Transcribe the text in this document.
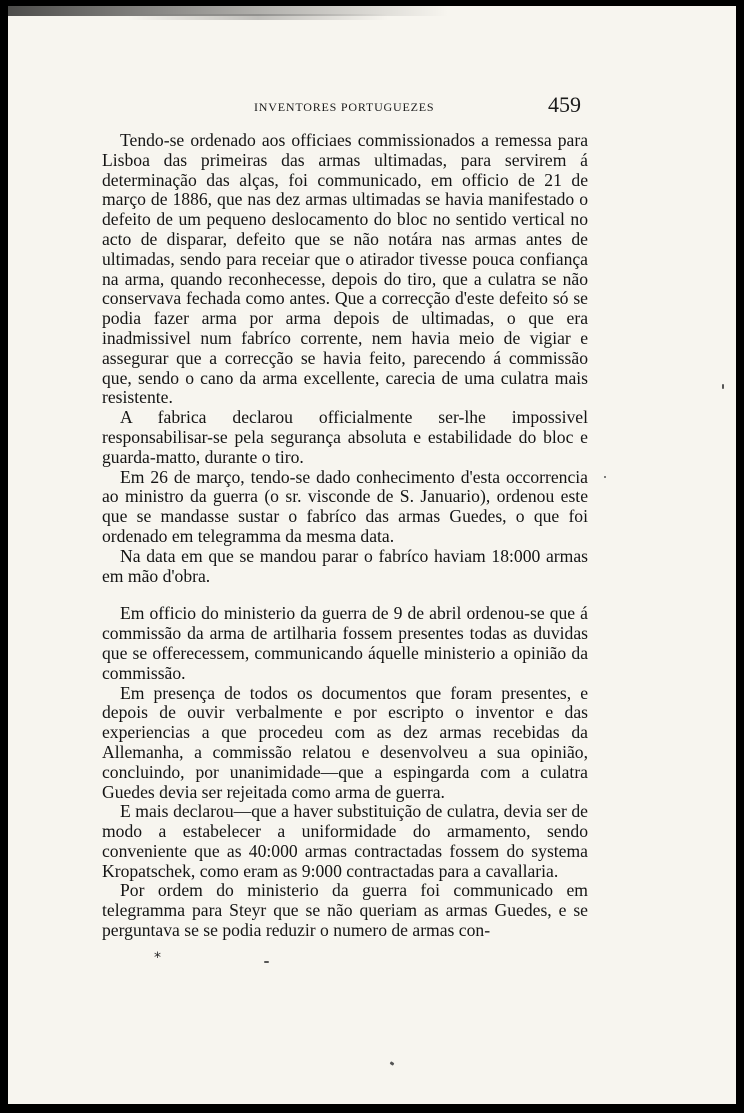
INVENTORES PORTUGUEZES	459

Tendo-se ordenado aos officiaes commissionados a remessa para Lisboa das primeiras das armas ultimadas, para servirem á determinação das alças, foi communicado, em officio de 21 de março de 1886, que nas dez armas ultimadas se havia manifestado o defeito de um pequeno deslocamento do bloc no sentido vertical no acto de disparar, defeito que se não notára nas armas antes de ultimadas, sendo para receiar que o atirador tivesse pouca confiança na arma, quando reconhecesse, depois do tiro, que a culatra se não conservava fechada como antes. Que a correcção d'este defeito só se podia fazer arma por arma depois de ultimadas, o que era inadmissivel num fabríco corrente, nem havia meio de vigiar e assegurar que a correcção se havia feito, parecendo á commissão que, sendo o cano da arma excellente, carecia de uma culatra mais resistente.

A fabrica declarou officialmente ser-lhe impossivel responsabilisar-se pela segurança absoluta e estabilidade do bloc e guarda-matto, durante o tiro.

Em 26 de março, tendo-se dado conhecimento d'esta occorrencia ao ministro da guerra (o sr. visconde de S. Januario), ordenou este que se mandasse sustar o fabríco das armas Guedes, o que foi ordenado em telegramma da mesma data.

Na data em que se mandou parar o fabríco haviam 18:000 armas em mão d'obra.

Em officio do ministerio da guerra de 9 de abril ordenou-se que á commissão da arma de artilharia fossem presentes todas as duvidas que se offerecessem, communicando áquelle ministerio a opinião da commissão.

Em presença de todos os documentos que foram presentes, e depois de ouvir verbalmente e por escripto o inventor e das experiencias a que procedeu com as dez armas recebidas da Allemanha, a commissão relatou e desenvolveu a sua opinião, concluindo, por unanimidade—que a espingarda com a culatra Guedes devia ser rejeitada como arma de guerra.

E mais declarou—que a haver substituição de culatra, devia ser de modo a estabelecer a uniformidade do armamento, sendo conveniente que as 40:000 armas contractadas fossem do systema Kropatschek, como eram as 9:000 contractadas para a cavallaria.

Por ordem do ministerio da guerra foi communicado em telegramma para Steyr que se não queriam as armas Guedes, e se perguntava se se podia reduzir o numero de armas con-

*
